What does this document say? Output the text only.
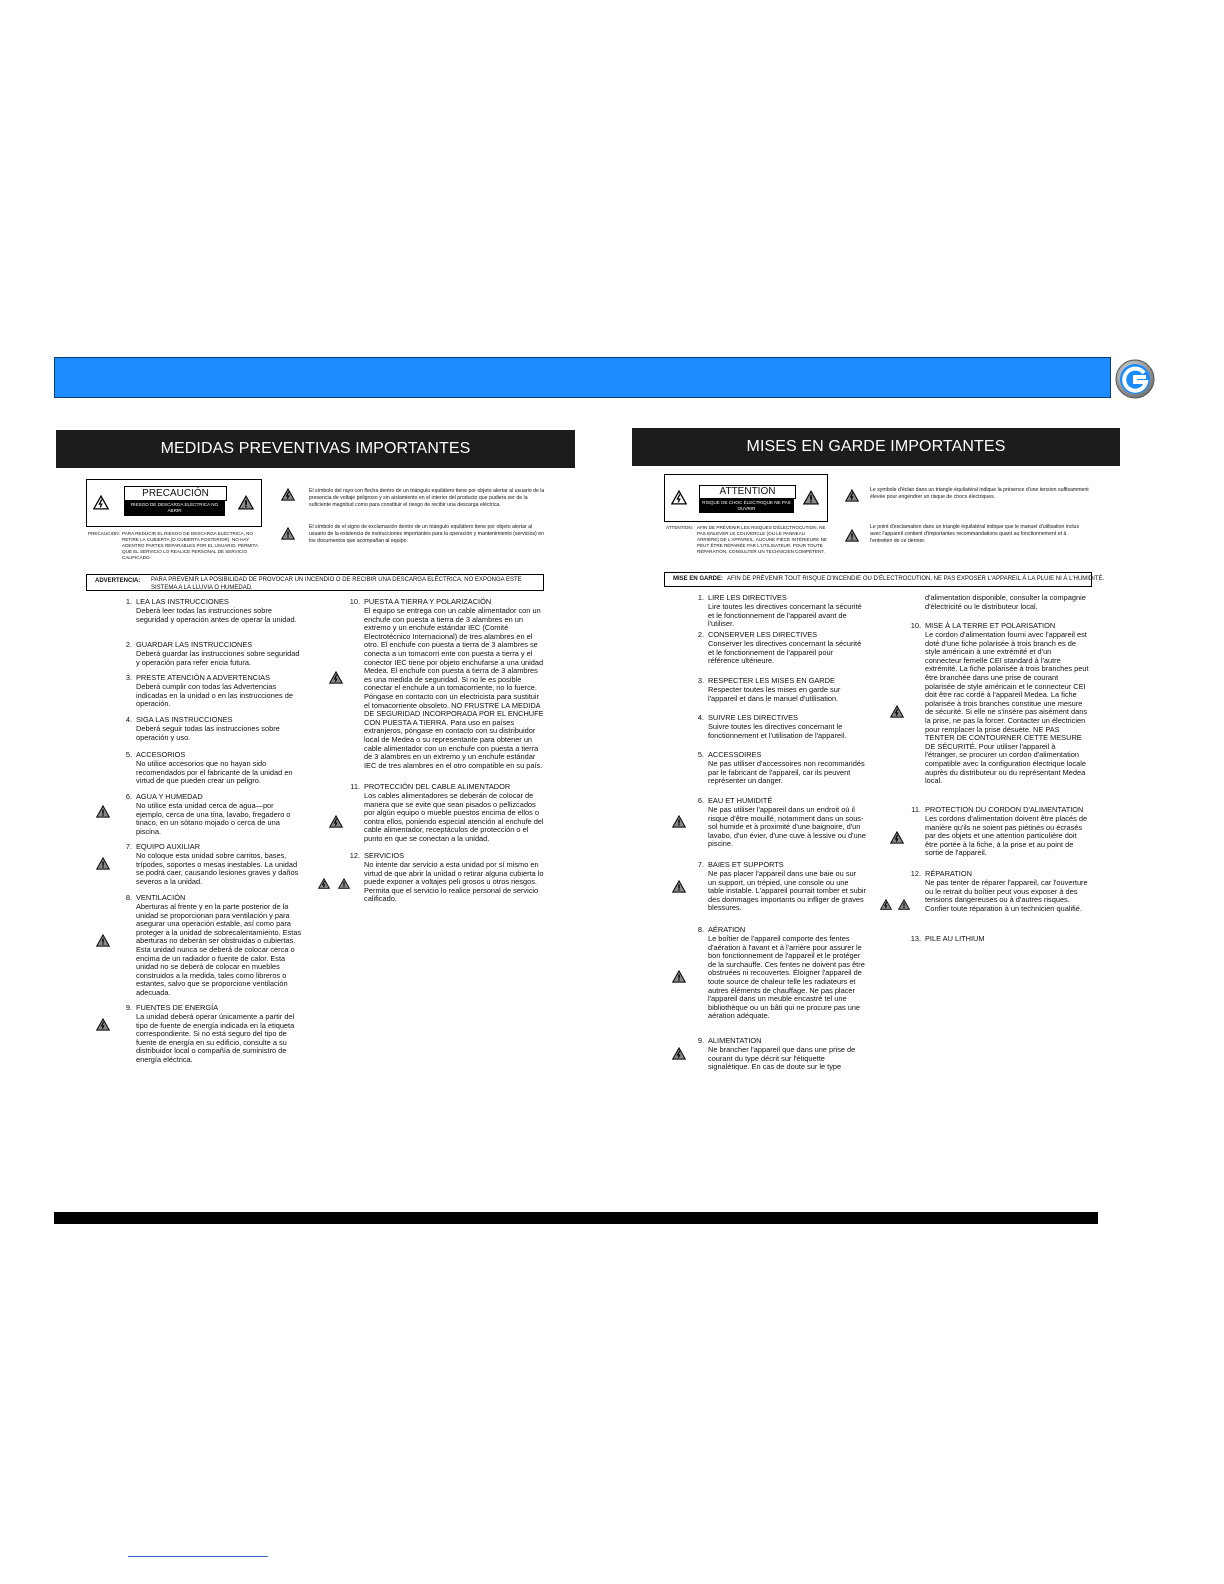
MEDIDAS PREVENTIVAS IMPORTANTES
PRECAUCIÓN
RIESGO DE DESCARGA ELÉCTRICA NO ABRIR
PRECAUCIÓN: PARA REDUCIR EL RIESGO DE DESCARGA ELÉCTRICA, NO RETIRE LA CUBIERTA (O CUBIERTA POSTERIOR). NO HAY ADENTRO PARTES REPARABLES POR EL USUARIO. PERMITA QUE EL SERVICIO LO REALICE PERSONAL DE SERVICIO CALIFICADO.
El símbolo del rayo con flecha dentro de un triángulo equilátero tiene por objeto alertar al usuario de la presencia de voltaje peligroso y sin aislamiento en el interior del producto que pudiera ser de la suficiente magnitud como para constituir el riesgo de recibir una descarga eléctrica.
El símbolo de el signo de exclamación dentro de un triángulo equilátero tiene por objeto alertar al usuario de la existencia de instrucciones importantes para la operación y mantenimiento (servicios) en los documentos que acompañan al equipo.
ADVERTENCIA: PARA PREVENIR LA POSIBILIDAD DE PROVOCAR UN INCENDIO O DE RECIBIR UNA DESCARGA ELÉCTRICA, NO EXPONGA ESTE SISTEMA A LA LLUVIA O HUMEDAD.
1. LEA LAS INSTRUCCIONES
Deberá leer todas las instrucciones sobre seguridad y operación antes de operar la unidad.
2. GUARDAR LAS INSTRUCCIONES
Deberá guardar las instrucciones sobre seguridad y operación para refer encia futura.
3. PRESTE ATENCIÓN A ADVERTENCIAS
Deberá cumplir con todas las Advertencias indicadas en la unidad o en las instrucciones de operación.
4. SIGA LAS INSTRUCCIONES
Deberá seguir todas las instrucciones sobre operación y uso.
5. ACCESORIOS
No utilice accesorios que no hayan sido recomendados por el fabricante de la unidad en virtud de que pueden crear un peligro.
6. AGUA Y HUMEDAD
No utilice esta unidad cerca de agua—por ejemplo, cerca de una tina, lavabo, fregadero o tinaco, en un sótano mojado o cerca de una piscina.
7. EQUIPO AUXILIAR
No coloque esta unidad sobre carritos, bases, trípodes, soportes o mesas inestables. La unidad se podrá caer, causando lesiones graves y daños severos a la unidad.
8. VENTILACIÓN
Aberturas al frente y en la parte posterior de la unidad se proporcionan para ventilación y para asegurar una operación estable, así como para proteger a la unidad de sobrecalentamiento. Estas aberturas no deberán ser obstruidas o cubiertas. Esta unidad nunca se deberá de colocar cerca o encima de un radiador o fuente de calor. Esta unidad no se deberá de colocar en muebles construidos a la medida, tales como libreros o estantes, salvo que se proporcione ventilación adecuada.
9. FUENTES DE ENERGÍA
La unidad deberá operar únicamente a partir del tipo de fuente de energía indicada en la etiqueta correspondiente. Si no está seguro del tipo de fuente de energía en su edificio, consulte a su distribuidor local o compañía de suministro de energía eléctrica.
10. PUESTA A TIERRA Y POLARIZACIÓN
El equipo se entrega con un cable alimentador con un enchufe con puesta a tierra de 3 alambres en un extremo y un enchufe estándar IEC (Comité Electrotécnico Internacional) de tres alambres en el otro. El enchufe con puesta a tierra de 3 alambres se conecta a un tomacorri ente con puesta a tierra y el conector IEC tiene por objeto enchufarse a una unidad Medea. El enchufe con puesta a tierra de 3 alambres es una medida de seguridad. Si no le es posible conectar el enchufe a un tomacorriente, no lo fuerce. Póngase en contacto con un electricista para sustituir el tomacorriente obsoleto. NO FRUSTRE LA MEDIDA DE SEGURIDAD INCORPORADA POR EL ENCHUFE CON PUESTA A TIERRA. Para uso en países extranjeros, póngase en contacto con su distribuidor local de Medea o su representante para obtener un cable alimentador con un enchufe con puesta a tierra de 3 alambres en un extremo y un enchufe estándar IEC de tres alambres en el otro compatible en su país.
11. PROTECCIÓN DEL CABLE ALIMENTADOR
Los cables alimentadores se deberán de colocar de manera que se evite que sean pisados o pellizcados por algún equipo o mueble puestos encima de ellos o contra ellos, poniendo especial atención al enchufe del cable alimentador, receptáculos de protección o el punto en que se conectan a la unidad.
12. SERVICIOS
No intente dar servicio a esta unidad por sí mismo en virtud de que abrir la unidad o retirar alguna cubierta lo puede exponer a voltajes peli grosos u otros riesgos. Permita que el servicio lo realice personal de servicio calificado.
MISES EN GARDE IMPORTANTES
ATTENTION
RISQUE DE CHOC ÉLECTRIQUE NE PAS OUVRIR
ATTENTION: AFIN DE PRÉVENIR LES RISQUES D'ÉLECTROCUTION, NE PAS ENLEVER LE COUVERCLE (OU LE PANNEAU ARRIÈRE) DE L'APPAREIL. AUCUNE PIÈCE INTÉRIEURE NE PEUT ÊTRE RÉPARÉE PAR L'UTILISATEUR. POUR TOUTE RÉPARATION, CONSULTER UN TECHNICIEN COMPÉTENT.
Le symbole d'éclair dans un triangle équilatéral indique la présence d'une tension suffisamment élevée pour engendrer un risque de chocs électriques.
Le point d'exclamation dans un triangle équilatéral indique que le manuel d'utilisation inclus avec l'appareil contient d'importantes recommandations quant au fonctionnement et à l'entretien de ce dernier.
MISE EN GARDE: AFIN DE PRÉVENIR TOUT RISQUE D'INCENDIE OU D'ÉLECTROCUTION, NE PAS EXPOSER L'APPAREIL À LA PLUIE NI À L'HUMIDITÉ.
1. LIRE LES DIRECTIVES
Lire toutes les directives concernant la sécurité et le fonctionnement de l'appareil avant de l'utiliser.
2. CONSERVER LES DIRECTIVES
Conserver les directives concernant la sécurité et le fonctionnement de l'appareil pour référence ultérieure.
3. RESPECTER LES MISES EN GARDE
Respecter toutes les mises en garde sur l'appareil et dans le manuel d'utilisation.
4. SUIVRE LES DIRECTIVES
Suivre toutes les directives concernant le fonctionnement et l'utilisation de l'appareil.
5. ACCESSOIRES
Ne pas utiliser d'accessoires non recommandés par le fabricant de l'appareil, car ils peuvent représenter un danger.
6. EAU ET HUMIDITÉ
Ne pas utiliser l'appareil dans un endroit où il risque d'être mouillé, notamment dans un sous-sol humide et à proximité d'une baignoire, d'un lavabo, d'un évier, d'une cuve à lessive ou d'une piscine.
7. BAIES ET SUPPORTS
Ne pas placer l'appareil dans une baie ou sur un support, un trépied, une console ou une table instable. L'appareil pourrait tomber et subir des dommages importants ou infliger de graves blessures.
8. AÉRATION
Le boîtier de l'appareil comporte des fentes d'aération à l'avant et à l'arrière pour assurer le bon fonctionnement de l'appareil et le protéger de la surchauffe. Ces fentes ne doivent pas être obstruées ni recouvertes. Éloigner l'appareil de toute source de chaleur telle les radiateurs et autres éléments de chauffage. Ne pas placer l'appareil dans un meuble encastré tel une bibliothèque ou un bâti qui ne procure pas une aération adéquate.
9. ALIMENTATION
Ne brancher l'appareil que dans une prise de courant du type décrit sur l'étiquette signalétique. En cas de doute sur le type
d'alimentation disponible, consulter la compagnie d'électricité ou le distributeur local.
10. MISE À LA TERRE ET POLARISATION
Le cordon d'alimentation fourni avec l'appareil est doté d'une fiche polarisée à trois branch es de style américain à une extrémité et d'un connecteur femelle CEI standard à l'autre extrémité. La fiche polarisée à trois branches peut être branchée dans une prise de courant polarisée de style américain et le connecteur CEI doit être rac cordé à l'appareil Medea. La fiche polarisée à trois branches constitue une mesure de sécurité. Si elle ne s'insère pas aisément dans la prise, ne pas la forcer. Contacter un électricien pour remplacer la prise désuète. NE PAS TENTER DE CONTOURNER CETTE MESURE DE SÉCURITÉ. Pour utiliser l'appareil à l'étranger, se procurer un cordon d'alimentation compatible avec la configuration électrique locale auprès du distributeur ou du représentant Medea local.
11. PROTECTION DU CORDON D'ALIMENTATION
Les cordons d'alimentation doivent être placés de manière qu'ils ne soient pas piétinés ou écrasés par des objets et une attention particulière doit être portée à la fiche, à la prise et au point de sortie de l'appareil.
12. RÉPARATION
Ne pas tenter de réparer l'appareil, car l'ouverture ou le retrait du boîtier peut vous exposer à des tensions dangereuses ou à d'autres risques. Confier toute réparation à un technicien qualifié.
13. PILE AU LITHIUM
